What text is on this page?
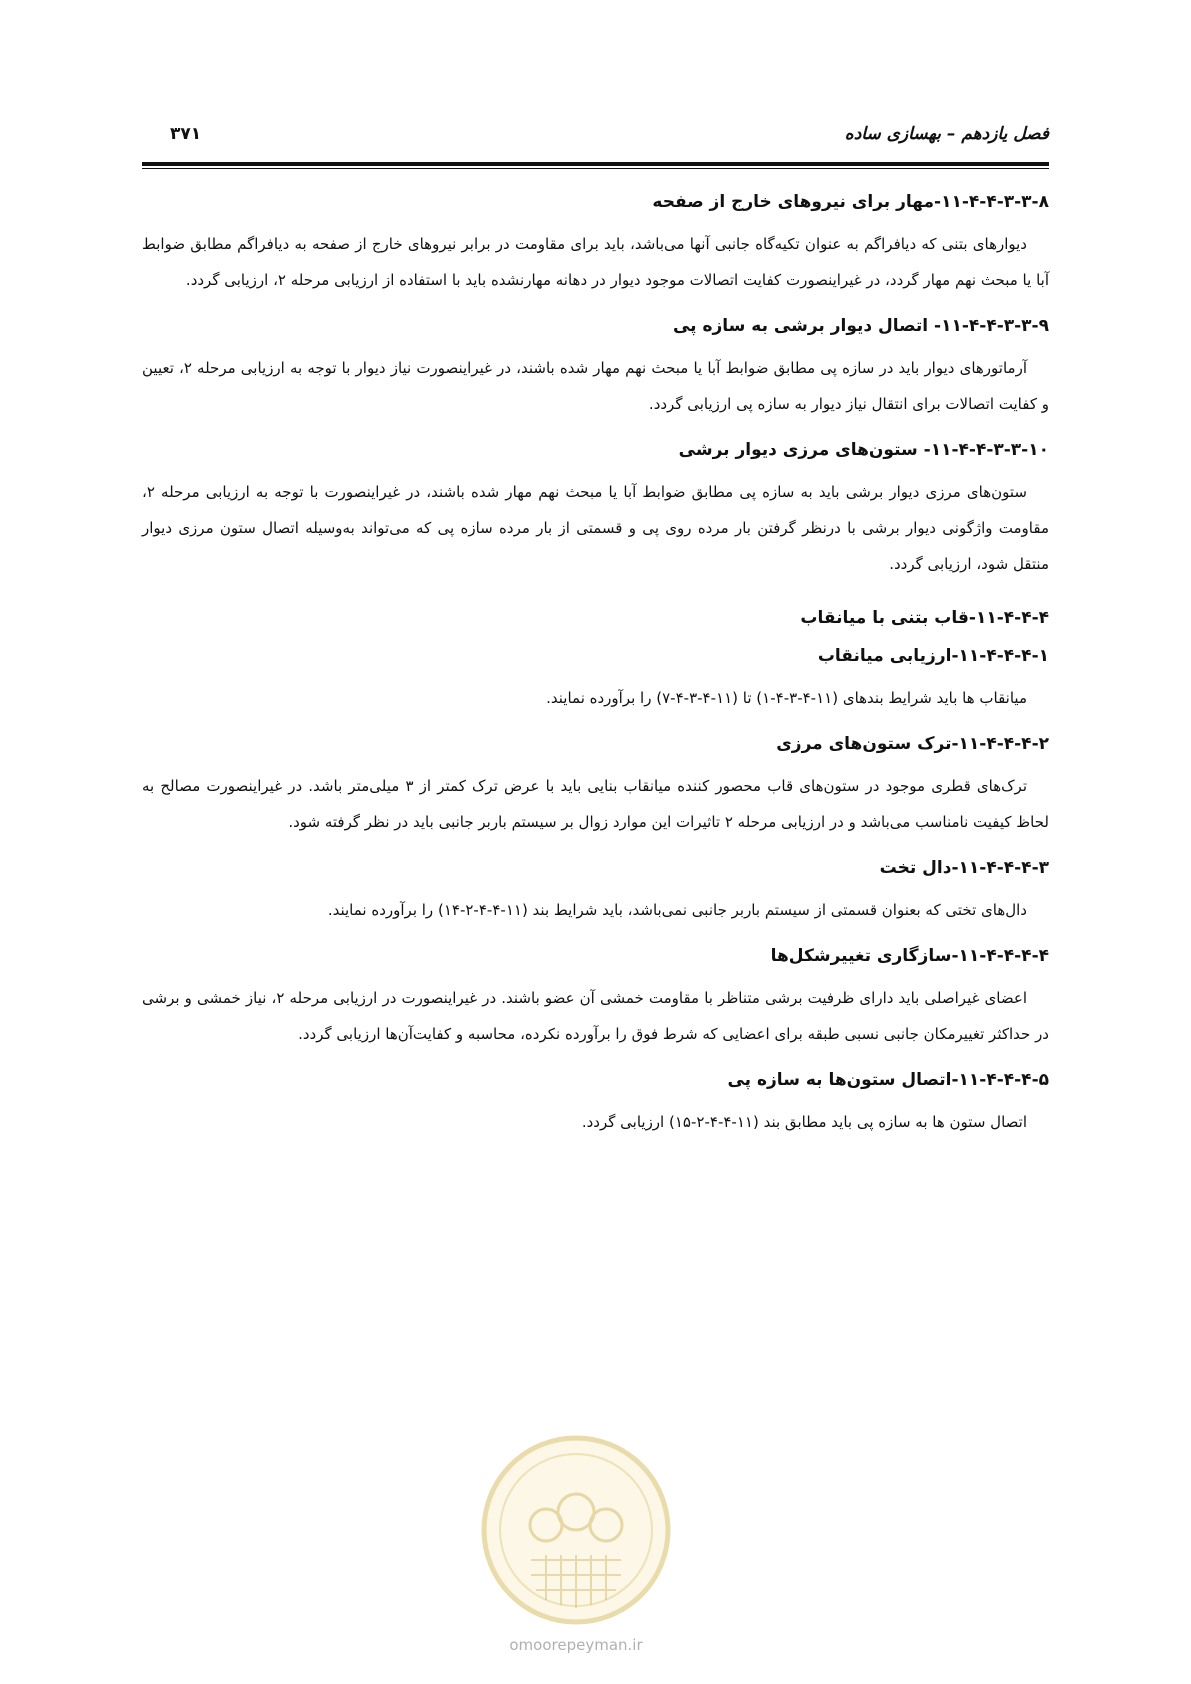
فصل یازدهم – بهسازی ساده
۳۷۱
۱۱-۴-۴-۳-۳-۸-مهار برای نیروهای خارج از صفحه
دیوارهای بتنی که دیافراگم به عنوان تکیه‌گاه جانبی آنها می‌باشد، باید برای مقاومت در برابر نیروهای خارج از صفحه به دیافراگم مطابق ضوابط آبا یا مبحث نهم مهار گردد، در غیراینصورت کفایت اتصالات موجود دیوار در دهانه مهارنشده باید با استفاده از ارزیابی مرحله ۲، ارزیابی گردد.
۱۱-۴-۴-۳-۳-۹- اتصال دیوار برشی به سازه پی
آرماتورهای دیوار باید در سازه پی مطابق ضوابط آبا یا مبحث نهم مهار شده باشند، در غیراینصورت نیاز دیوار با توجه به ارزیابی مرحله ۲، تعیین و کفایت اتصالات برای انتقال نیاز دیوار به سازه پی ارزیابی گردد.
۱۱-۴-۴-۳-۳-۱۰- ستون‌های مرزی دیوار برشی
ستون‌های مرزی دیوار برشی باید به سازه پی مطابق ضوابط آبا یا مبحث نهم مهار شده باشند، در غیراینصورت با توجه به ارزیابی مرحله ۲، مقاومت واژگونی دیوار برشی با درنظر گرفتن بار مرده روی پی و قسمتی از بار مرده سازه پی که می‌تواند به‌وسیله اتصال ستون مرزی دیوار منتقل شود، ارزیابی گردد.
۱۱-۴-۴-۴-قاب بتنی با میانقاب
۱۱-۴-۴-۴-۱-ارزیابی میانقاب
میانقاب ها باید شرایط بندهای (۱۱-۴-۳-۴-۱) تا (۱۱-۴-۳-۴-۷) را برآورده نمایند.
۱۱-۴-۴-۴-۲-ترک ستون‌های مرزی
ترک‌های قطری موجود در ستون‌های قاب محصور کننده میانقاب بنایی باید با عرض ترک کمتر از ۳ میلی‌متر باشد. در غیراینصورت مصالح به لحاظ کیفیت نامناسب می‌باشد و در ارزیابی مرحله ۲ تاثیرات این موارد زوال بر سیستم باربر جانبی باید در نظر گرفته شود.
۱۱-۴-۴-۴-۳-دال تخت
دال‌های تختی که بعنوان قسمتی از سیستم باربر جانبی نمی‌باشد، باید شرایط بند (۱۱-۴-۴-۲-۱۴) را برآورده نمایند.
۱۱-۴-۴-۴-۴-سازگاری تغییرشکل‌ها
اعضای غیراصلی باید دارای ظرفیت برشی متناظر با مقاومت خمشی آن عضو باشند. در غیراینصورت در ارزیابی مرحله ۲، نیاز خمشی و برشی در حداکثر تغییرمکان جانبی نسبی طبقه برای اعضایی که شرط فوق را برآورده نکرده، محاسبه و کفایت‌آن‌ها ارزیابی گردد.
۱۱-۴-۴-۴-۵-اتصال ستون‌ها به سازه پی
اتصال ستون ها به سازه پی باید مطابق بند (۱۱-۴-۴-۲-۱۵) ارزیابی گردد.
omoorepeyman.ir
